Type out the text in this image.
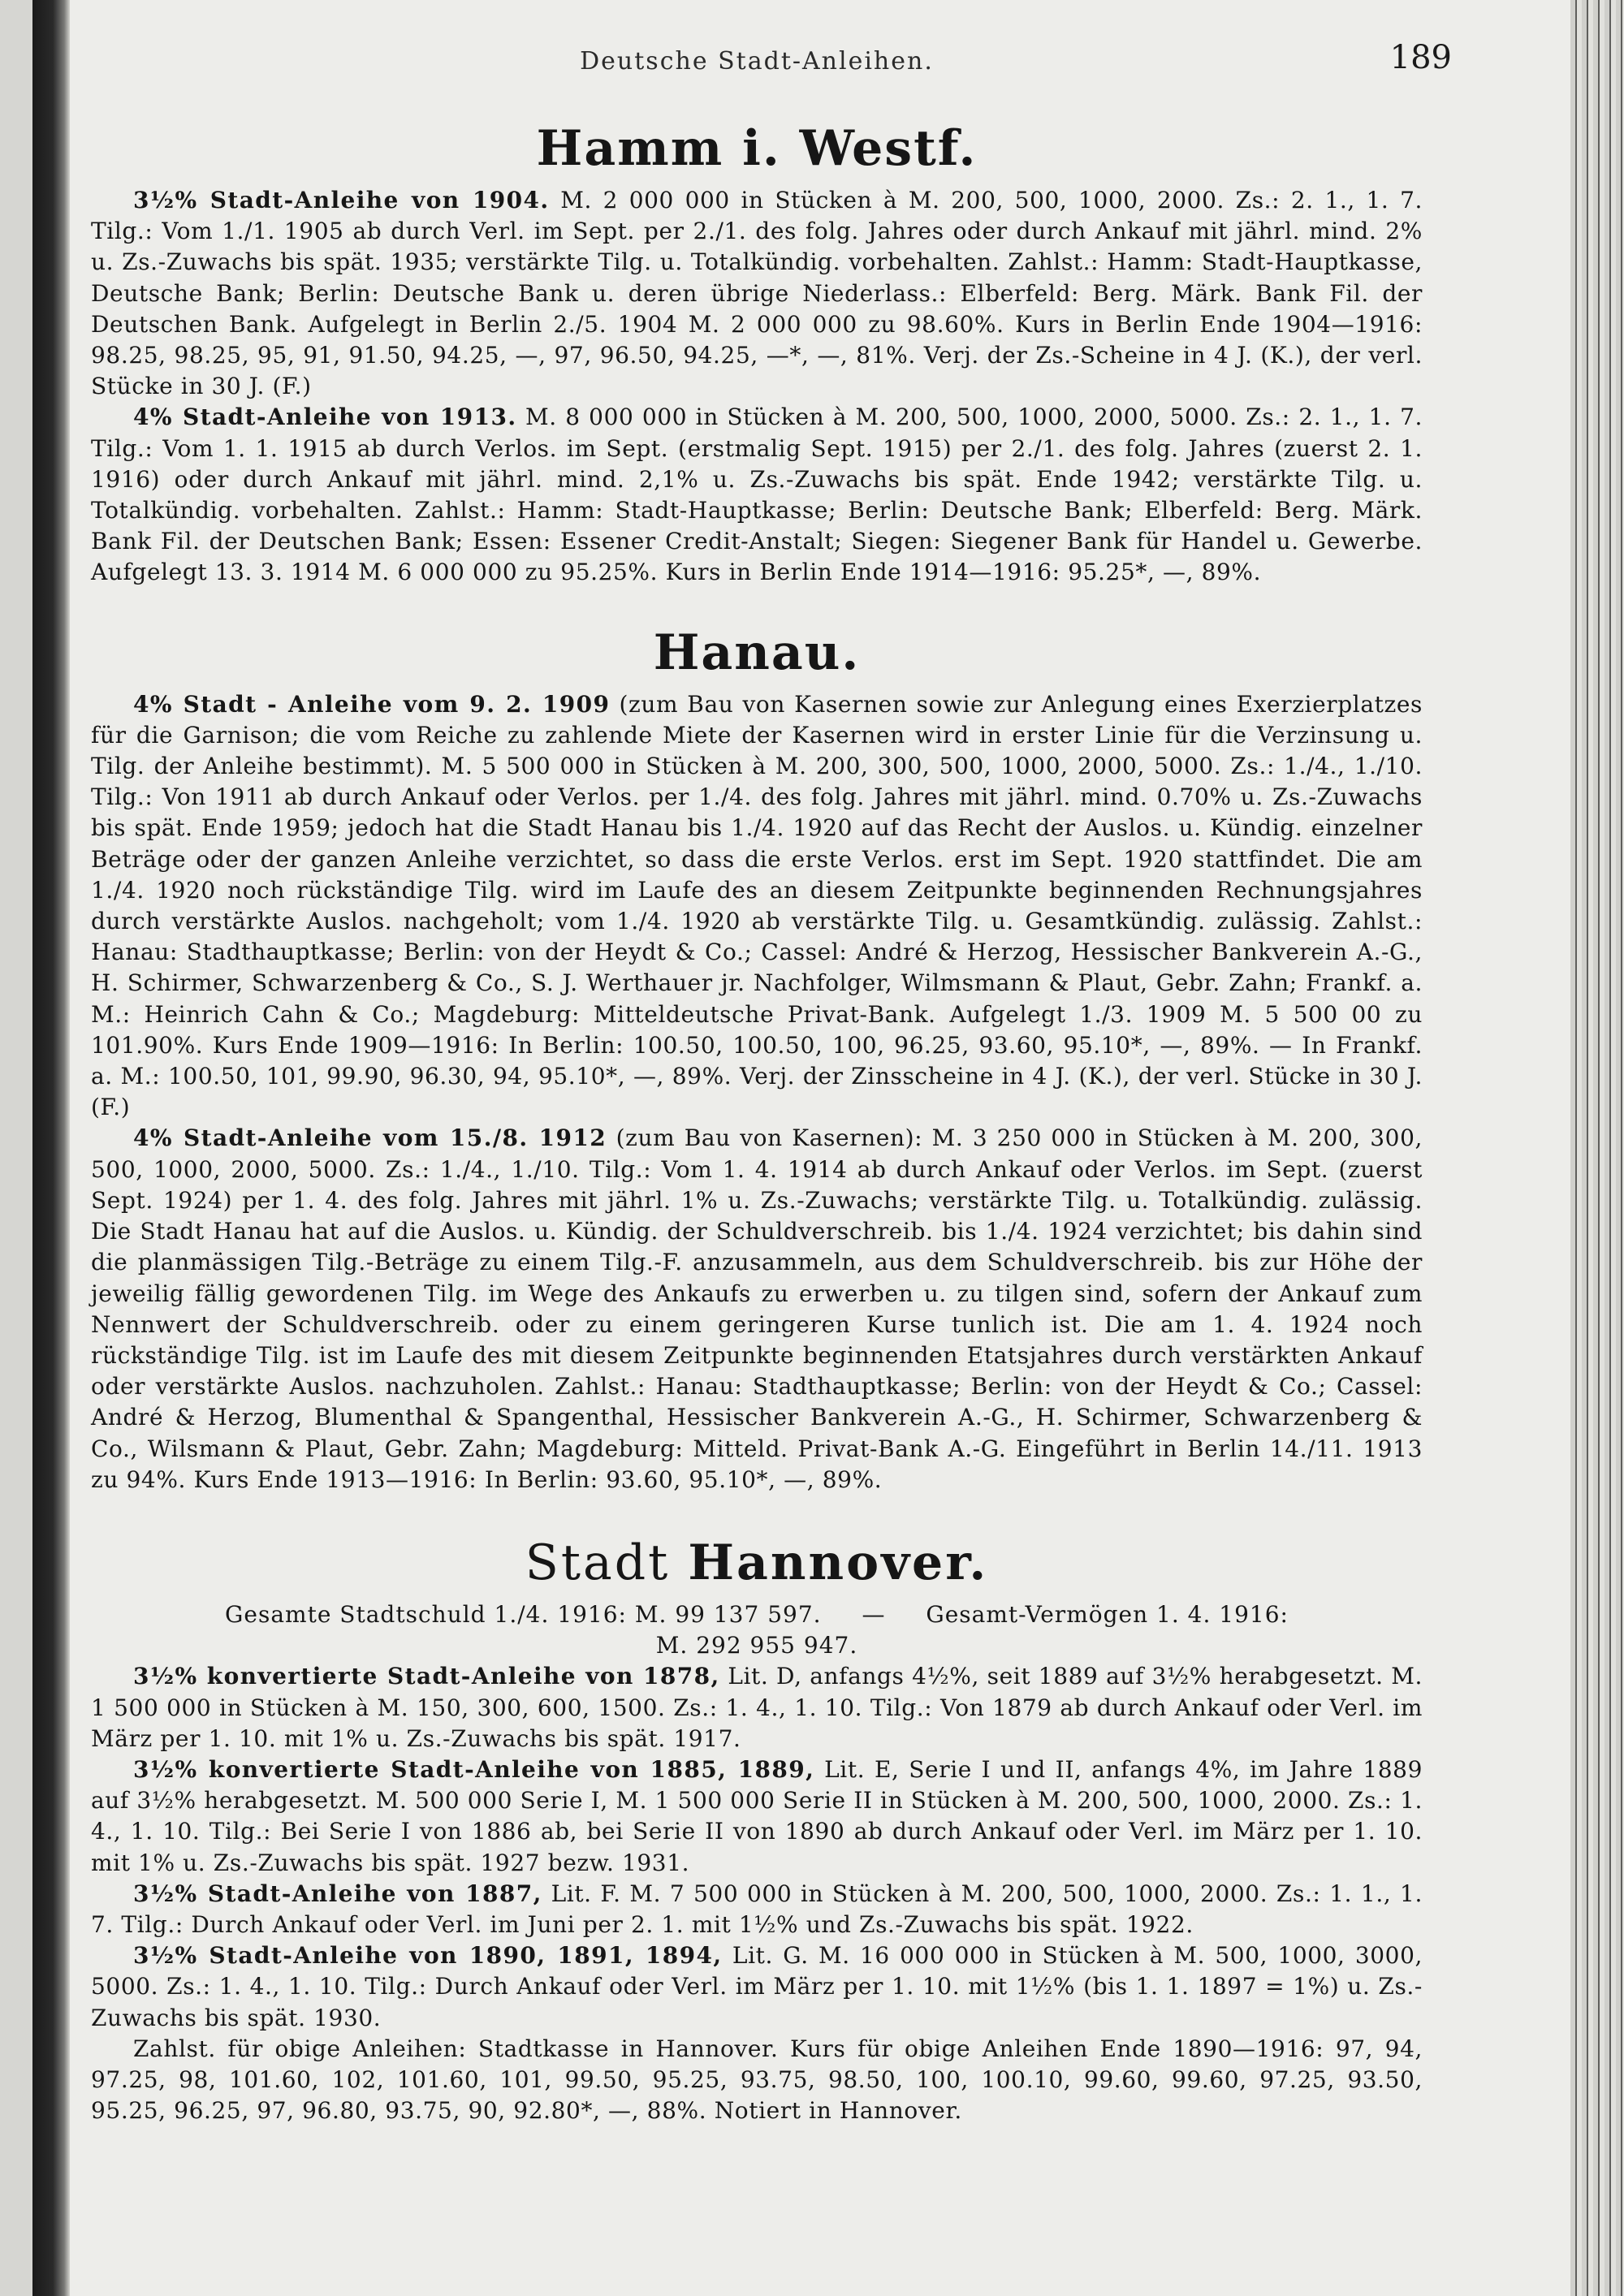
Deutsche Stadt-Anleihen.	189
Hamm i. Westf.

3½% Stadt-Anleihe von 1904. M. 2 000 000 in Stücken à M. 200, 500, 1000, 2000. Zs.: 2. 1., 1. 7. Tilg.: Vom 1./1. 1905 ab durch Verl. im Sept. per 2./1. des folg. Jahres oder durch Ankauf mit jährl. mind. 2% u. Zs.-Zuwachs bis spät. 1935; verstärkte Tilg. u. Totalkündig. vorbehalten. Zahlst.: Hamm: Stadt-Hauptkasse, Deutsche Bank; Berlin: Deutsche Bank u. deren übrige Niederlass.: Elberfeld: Berg. Märk. Bank Fil. der Deutschen Bank. Aufgelegt in Berlin 2./5. 1904 M. 2 000 000 zu 98.60%. Kurs in Berlin Ende 1904—1916: 98.25, 98.25, 95, 91, 91.50, 94.25, —, 97, 96.50, 94.25, —*, —, 81%. Verj. der Zs.-Scheine in 4 J. (K.), der verl. Stücke in 30 J. (F.)

4% Stadt-Anleihe von 1913. M. 8 000 000 in Stücken à M. 200, 500, 1000, 2000, 5000. Zs.: 2. 1., 1. 7. Tilg.: Vom 1. 1. 1915 ab durch Verlos. im Sept. (erstmalig Sept. 1915) per 2./1. des folg. Jahres (zuerst 2. 1. 1916) oder durch Ankauf mit jährl. mind. 2,1% u. Zs.-Zuwachs bis spät. Ende 1942; verstärkte Tilg. u. Totalkündig. vorbehalten. Zahlst.: Hamm: Stadt-Hauptkasse; Berlin: Deutsche Bank; Elberfeld: Berg. Märk. Bank Fil. der Deutschen Bank; Essen: Essener Credit-Anstalt; Siegen: Siegener Bank für Handel u. Gewerbe. Aufgelegt 13. 3. 1914 M. 6 000 000 zu 95.25%. Kurs in Berlin Ende 1914—1916: 95.25*, —, 89%.

Hanau.

4% Stadt - Anleihe vom 9. 2. 1909 (zum Bau von Kasernen sowie zur Anlegung eines Exerzierplatzes für die Garnison; die vom Reiche zu zahlende Miete der Kasernen wird in erster Linie für die Verzinsung u. Tilg. der Anleihe bestimmt). M. 5 500 000 in Stücken à M. 200, 300, 500, 1000, 2000, 5000. Zs.: 1./4., 1./10. Tilg.: Von 1911 ab durch Ankauf oder Verlos. per 1./4. des folg. Jahres mit jährl. mind. 0.70% u. Zs.-Zuwachs bis spät. Ende 1959; jedoch hat die Stadt Hanau bis 1./4. 1920 auf das Recht der Auslos. u. Kündig. einzelner Beträge oder der ganzen Anleihe verzichtet, so dass die erste Verlos. erst im Sept. 1920 stattfindet. Die am 1./4. 1920 noch rückständige Tilg. wird im Laufe des an diesem Zeitpunkte beginnenden Rechnungsjahres durch verstärkte Auslos. nachgeholt; vom 1./4. 1920 ab verstärkte Tilg. u. Gesamtkündig. zulässig. Zahlst.: Hanau: Stadthauptkasse; Berlin: von der Heydt & Co.; Cassel: André & Herzog, Hessischer Bankverein A.-G., H. Schirmer, Schwarzenberg & Co., S. J. Werthauer jr. Nachfolger, Wilmsmann & Plaut, Gebr. Zahn; Frankf. a. M.: Heinrich Cahn & Co.; Magdeburg: Mitteldeutsche Privat-Bank. Aufgelegt 1./3. 1909 M. 5 500 00 zu 101.90%. Kurs Ende 1909—1916: In Berlin: 100.50, 100.50, 100, 96.25, 93.60, 95.10*, —, 89%. — In Frankf. a. M.: 100.50, 101, 99.90, 96.30, 94, 95.10*, —, 89%. Verj. der Zinsscheine in 4 J. (K.), der verl. Stücke in 30 J. (F.)

4% Stadt-Anleihe vom 15./8. 1912 (zum Bau von Kasernen): M. 3 250 000 in Stücken à M. 200, 300, 500, 1000, 2000, 5000. Zs.: 1./4., 1./10. Tilg.: Vom 1. 4. 1914 ab durch Ankauf oder Verlos. im Sept. (zuerst Sept. 1924) per 1. 4. des folg. Jahres mit jährl. 1% u. Zs.-Zuwachs; verstärkte Tilg. u. Totalkündig. zulässig. Die Stadt Hanau hat auf die Auslos. u. Kündig. der Schuldverschreib. bis 1./4. 1924 verzichtet; bis dahin sind die planmässigen Tilg.-Beträge zu einem Tilg.-F. anzusammeln, aus dem Schuldverschreib. bis zur Höhe der jeweilig fällig gewordenen Tilg. im Wege des Ankaufs zu erwerben u. zu tilgen sind, sofern der Ankauf zum Nennwert der Schuldverschreib. oder zu einem geringeren Kurse tunlich ist. Die am 1. 4. 1924 noch rückständige Tilg. ist im Laufe des mit diesem Zeitpunkte beginnenden Etatsjahres durch verstärkten Ankauf oder verstärkte Auslos. nachzuholen. Zahlst.: Hanau: Stadthauptkasse; Berlin: von der Heydt & Co.; Cassel: André & Herzog, Blumenthal & Spangenthal, Hessischer Bankverein A.-G., H. Schirmer, Schwarzenberg & Co., Wilsmann & Plaut, Gebr. Zahn; Magdeburg: Mitteld. Privat-Bank A.-G. Eingeführt in Berlin 14./11. 1913 zu 94%. Kurs Ende 1913—1916: In Berlin: 93.60, 95.10*, —, 89%.

Stadt Hannover.
Gesamte Stadtschuld 1./4. 1916: M. 99 137 597. — Gesamt-Vermögen 1. 4. 1916:
M. 292 955 947.

3½% konvertierte Stadt-Anleihe von 1878, Lit. D, anfangs 4½%, seit 1889 auf 3½% herabgesetzt. M. 1 500 000 in Stücken à M. 150, 300, 600, 1500. Zs.: 1. 4., 1. 10. Tilg.: Von 1879 ab durch Ankauf oder Verl. im März per 1. 10. mit 1% u. Zs.-Zuwachs bis spät. 1917.

3½% konvertierte Stadt-Anleihe von 1885, 1889, Lit. E, Serie I und II, anfangs 4%, im Jahre 1889 auf 3½% herabgesetzt. M. 500 000 Serie I, M. 1 500 000 Serie II in Stücken à M. 200, 500, 1000, 2000. Zs.: 1. 4., 1. 10. Tilg.: Bei Serie I von 1886 ab, bei Serie II von 1890 ab durch Ankauf oder Verl. im März per 1. 10. mit 1% u. Zs.-Zuwachs bis spät. 1927 bezw. 1931.

3½% Stadt-Anleihe von 1887, Lit. F. M. 7 500 000 in Stücken à M. 200, 500, 1000, 2000. Zs.: 1. 1., 1. 7. Tilg.: Durch Ankauf oder Verl. im Juni per 2. 1. mit 1½% und Zs.-Zuwachs bis spät. 1922.

3½% Stadt-Anleihe von 1890, 1891, 1894, Lit. G. M. 16 000 000 in Stücken à M. 500, 1000, 3000, 5000. Zs.: 1. 4., 1. 10. Tilg.: Durch Ankauf oder Verl. im März per 1. 10. mit 1½% (bis 1. 1. 1897 = 1%) u. Zs.-Zuwachs bis spät. 1930.

Zahlst. für obige Anleihen: Stadtkasse in Hannover. Kurs für obige Anleihen Ende 1890—1916: 97, 94, 97.25, 98, 101.60, 102, 101.60, 101, 99.50, 95.25, 93.75, 98.50, 100, 100.10, 99.60, 99.60, 97.25, 93.50, 95.25, 96.25, 97, 96.80, 93.75, 90, 92.80*, —, 88%. Notiert in Hannover.
